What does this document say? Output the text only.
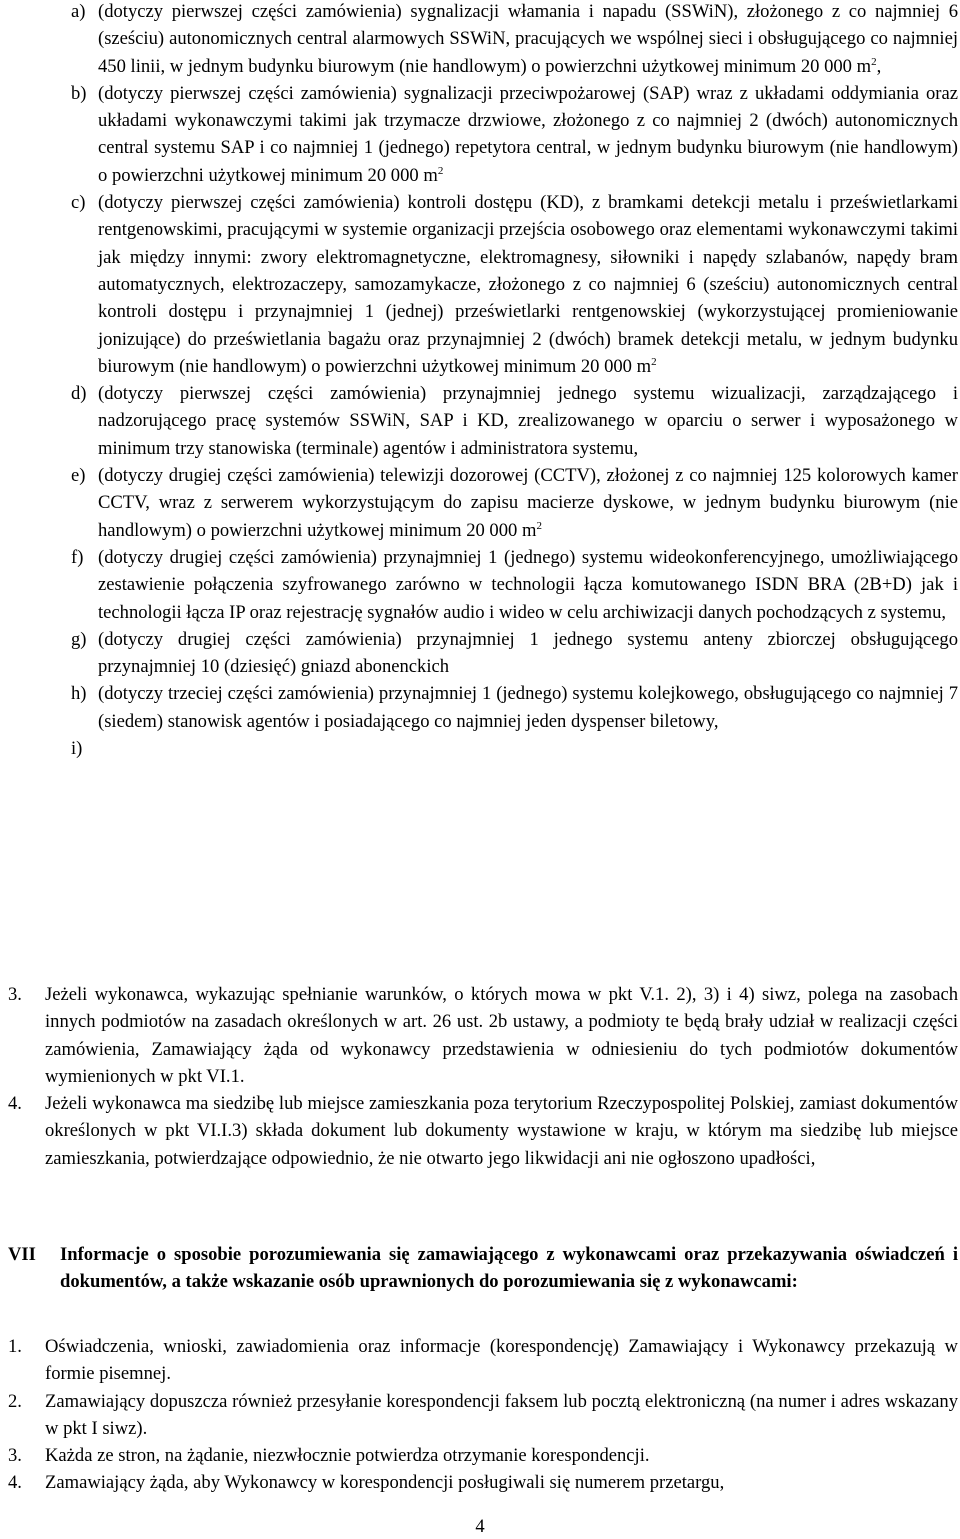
a) (dotyczy pierwszej części zamówienia) sygnalizacji włamania i napadu (SSWiN), złożonego z co najmniej 6 (sześciu) autonomicznych central alarmowych SSWiN, pracujących we wspólnej sieci i obsługującego co najmniej 450 linii, w jednym budynku biurowym (nie handlowym) o powierzchni użytkowej minimum 20 000 $m^2$,
b) (dotyczy pierwszej części zamówienia) sygnalizacji przeciwpożarowej (SAP) wraz z układami oddymiania oraz układami wykonawczymi takimi jak trzymacze drzwiowe, złożonego z co najmniej 2 (dwóch) autonomicznych central systemu SAP i co najmniej 1 (jednego) repetytora central, w jednym budynku biurowym (nie handlowym) o powierzchni użytkowej minimum 20 000 $m^2$
c) (dotyczy pierwszej części zamówienia) kontroli dostępu (KD), z bramkami detekcji metalu i prześwietlarkami rentgenowskimi, pracującymi w systemie organizacji przejścia osobowego oraz elementami wykonawczymi takimi jak między innymi: zwory elektromagnetyczne, elektromagnesy, siłowniki i napędy szlabanów, napędy bram automatycznych, elektrozaczepy, samozamykacze, złożonego z co najmniej 6 (sześciu) autonomicznych central kontroli dostępu i przynajmniej 1 (jednej) prześwietlarki rentgenowskiej (wykorzystującej promieniowanie jonizujące) do prześwietlania bagażu oraz przynajmniej 2 (dwóch) bramek detekcji metalu, w jednym budynku biurowym (nie handlowym) o powierzchni użytkowej minimum 20 000 $m^2$
d) (dotyczy pierwszej części zamówienia) przynajmniej jednego systemu wizualizacji, zarządzającego i nadzorującego pracę systemów SSWiN, SAP i KD, zrealizowanego w oparciu o serwer i wyposażonego w minimum trzy stanowiska (terminale) agentów i administratora systemu,
e) (dotyczy drugiej części zamówienia) telewizji dozorowej (CCTV), złożonej z co najmniej 125 kolorowych kamer CCTV, wraz z serwerem wykorzystującym do zapisu macierze dyskowe, w jednym budynku biurowym (nie handlowym) o powierzchni użytkowej minimum 20 000 $m^2$
f) (dotyczy drugiej części zamówienia) przynajmniej 1 (jednego) systemu wideokonferencyjnego, umożliwiającego zestawienie połączenia szyfrowanego zarówno w technologii łącza komutowanego ISDN BRA (2B+D) jak i technologii łącza IP oraz rejestrację sygnałów audio i wideo w celu archiwizacji danych pochodzących z systemu,
g) (dotyczy drugiej części zamówienia) przynajmniej 1 jednego systemu anteny zbiorczej obsługującego przynajmniej 10 (dziesięć) gniazd abonenckich
h) (dotyczy trzeciej części zamówienia) przynajmniej 1 (jednego) systemu kolejkowego, obsługującego co najmniej 7 (siedem) stanowisk agentów i posiadającego co najmniej jeden dyspenser biletowy,
i)
3.	Jeżeli wykonawca, wykazując spełnianie warunków, o których mowa w pkt V.1. 2), 3) i 4) siwz, polega na zasobach innych podmiotów na zasadach określonych w art. 26 ust. 2b ustawy, a podmioty te będą brały udział w realizacji części zamówienia, Zamawiający żąda od wykonawcy przedstawienia w odniesieniu do tych podmiotów dokumentów wymienionych w pkt VI.1.
4.	Jeżeli wykonawca ma siedzibę lub miejsce zamieszkania poza terytorium Rzeczypospolitej Polskiej, zamiast dokumentów określonych w pkt VI.I.3) składa dokument lub dokumenty wystawione w kraju, w którym ma siedzibę lub miejsce zamieszkania, potwierdzające odpowiednio, że nie otwarto jego likwidacji ani nie ogłoszono upadłości,
VII	Informacje o sposobie porozumiewania się zamawiającego z wykonawcami oraz przekazywania oświadczeń i dokumentów, a także wskazanie osób uprawnionych do porozumiewania się z wykonawcami:
1.	Oświadczenia, wnioski, zawiadomienia oraz informacje (korespondencję) Zamawiający i Wykonawcy przekazują w formie pisemnej.
2.	Zamawiający dopuszcza również przesyłanie korespondencji faksem lub pocztą elektroniczną (na numer i adres wskazany w pkt I siwz).
3.	Każda ze stron, na żądanie, niezwłocznie potwierdza otrzymanie korespondencji.
4.	Zamawiający żąda, aby Wykonawcy w korespondencji posługiwali się numerem przetargu,
4
